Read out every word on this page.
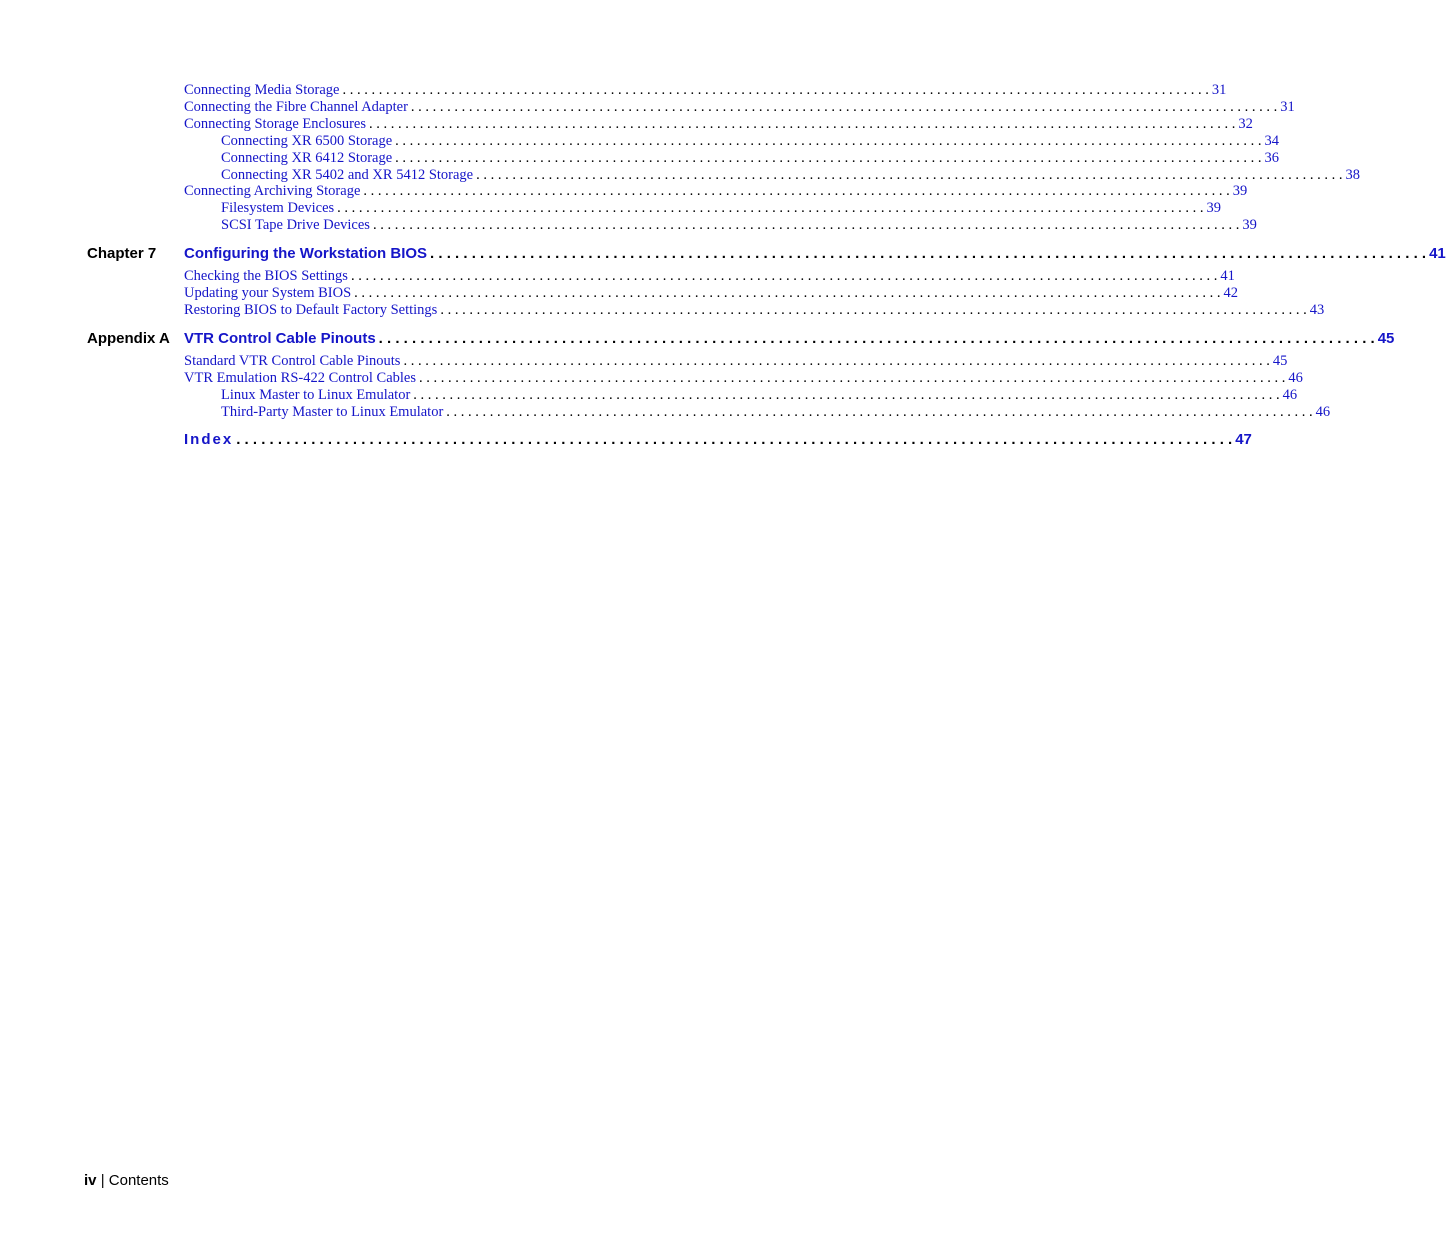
Connecting Media Storage . . . . . . . . . . . . . . . . . . . . . . . . . . . . . . . . . . . . . . . . . . . . . . . . . . . . . . . . . . . . . . . . . . . . . . . . . . . . . . . . . . . . . . . . . . . . . . . . . . . . . . . . . . . . . . . . . . . . . . . . 31
Connecting the Fibre Channel Adapter . . . . . . . . . . . . . . . . . . . . . . . . . . . . . . . . . . . . . . . . . . . . . . . . . . . . . . . . . . . . . . . . . . . . . . . . . . . . . . . . . . . . . . . . . . . . . . . . . . . . . . . . . . . . . . . . . . . . . . . . 31
Connecting Storage Enclosures . . . . . . . . . . . . . . . . . . . . . . . . . . . . . . . . . . . . . . . . . . . . . . . . . . . . . . . . . . . . . . . . . . . . . . . . . . . . . . . . . . . . . . . . . . . . . . . . . . . . . . . . . . . . . . . . . . . . . . . . 32
Connecting XR 6500 Storage . . . . . . . . . . . . . . . . . . . . . . . . . . . . . . . . . . . . . . . . . . . . . . . . . . . . . . . . . . . . . . . . . . . . . . . . . . . . . . . . . . . . . . . . . . . . . . . . . . . . . . . . . . . . . . . . . . . . . . . . 34
Connecting XR 6412 Storage . . . . . . . . . . . . . . . . . . . . . . . . . . . . . . . . . . . . . . . . . . . . . . . . . . . . . . . . . . . . . . . . . . . . . . . . . . . . . . . . . . . . . . . . . . . . . . . . . . . . . . . . . . . . . . . . . . . . . . . . 36
Connecting XR 5402 and XR 5412 Storage . . . . . . . . . . . . . . . . . . . . . . . . . . . . . . . . . . . . . . . . . . . . . . . . . . . . . . . . . . . . . . . . . . . . . . . . . . . . . . . . . . . . . . . . . . . . . . . . . . . . . . . . . . . . . . . . . . . . . . . . 38
Connecting Archiving Storage . . . . . . . . . . . . . . . . . . . . . . . . . . . . . . . . . . . . . . . . . . . . . . . . . . . . . . . . . . . . . . . . . . . . . . . . . . . . . . . . . . . . . . . . . . . . . . . . . . . . . . . . . . . . . . . . . . . . . . . . 39
Filesystem Devices . . . . . . . . . . . . . . . . . . . . . . . . . . . . . . . . . . . . . . . . . . . . . . . . . . . . . . . . . . . . . . . . . . . . . . . . . . . . . . . . . . . . . . . . . . . . . . . . . . . . . . . . . . . . . . . . . . . . . . . . 39
SCSI Tape Drive Devices . . . . . . . . . . . . . . . . . . . . . . . . . . . . . . . . . . . . . . . . . . . . . . . . . . . . . . . . . . . . . . . . . . . . . . . . . . . . . . . . . . . . . . . . . . . . . . . . . . . . . . . . . . . . . . . . . . . . . . . . 39
Chapter 7 Configuring the Workstation BIOS . . . . . . . . . . . . . . . . . . . . . . . . . . . . . . . . . . . . . . . . . . . . . . . . . . . . . . . . . . . . . . . . . . . . . . . . . . . . . . . . . . . . . . . . . . . . . . . . . . . . . . . . . . . . . . . . . . . . . . . . 41
Checking the BIOS Settings . . . . . . . . . . . . . . . . . . . . . . . . . . . . . . . . . . . . . . . . . . . . . . . . . . . . . . . . . . . . . . . . . . . . . . . . . . . . . . . . . . . . . . . . . . . . . . . . . . . . . . . . . . . . . . . . . . . . . . . . 41
Updating your System BIOS . . . . . . . . . . . . . . . . . . . . . . . . . . . . . . . . . . . . . . . . . . . . . . . . . . . . . . . . . . . . . . . . . . . . . . . . . . . . . . . . . . . . . . . . . . . . . . . . . . . . . . . . . . . . . . . . . . . . . . . . 42
Restoring BIOS to Default Factory Settings . . . . . . . . . . . . . . . . . . . . . . . . . . . . . . . . . . . . . . . . . . . . . . . . . . . . . . . . . . . . . . . . . . . . . . . . . . . . . . . . . . . . . . . . . . . . . . . . . . . . . . . . . . . . . . . . . . . . . . . . 43
Appendix A VTR Control Cable Pinouts . . . . . . . . . . . . . . . . . . . . . . . . . . . . . . . . . . . . . . . . . . . . . . . . . . . . . . . . . . . . . . . . . . . . . . . . . . . . . . . . . . . . . . . . . . . . . . . . . . . . . . . . . . . . . . . . . . . . . . . . 45
Standard VTR Control Cable Pinouts . . . . . . . . . . . . . . . . . . . . . . . . . . . . . . . . . . . . . . . . . . . . . . . . . . . . . . . . . . . . . . . . . . . . . . . . . . . . . . . . . . . . . . . . . . . . . . . . . . . . . . . . . . . . . . . . . . . . . . . . 45
VTR Emulation RS-422 Control Cables . . . . . . . . . . . . . . . . . . . . . . . . . . . . . . . . . . . . . . . . . . . . . . . . . . . . . . . . . . . . . . . . . . . . . . . . . . . . . . . . . . . . . . . . . . . . . . . . . . . . . . . . . . . . . . . . . . . . . . . . 46
Linux Master to Linux Emulator . . . . . . . . . . . . . . . . . . . . . . . . . . . . . . . . . . . . . . . . . . . . . . . . . . . . . . . . . . . . . . . . . . . . . . . . . . . . . . . . . . . . . . . . . . . . . . . . . . . . . . . . . . . . . . . . . . . . . . . . 46
Third-Party Master to Linux Emulator . . . . . . . . . . . . . . . . . . . . . . . . . . . . . . . . . . . . . . . . . . . . . . . . . . . . . . . . . . . . . . . . . . . . . . . . . . . . . . . . . . . . . . . . . . . . . . . . . . . . . . . . . . . . . . . . . . . . . . . . 46
Index . . . . . . . . . . . . . . . . . . . . . . . . . . . . . . . . . . . . . . . . . . . . . . . . . . . . . . . . . . . . . . . . . . . . . . . . . . . . . . . . . . . . . . . . . . . . . . . . . . . . . . . . . . . . . . . . . . . . . . . . 47
iv | Contents
